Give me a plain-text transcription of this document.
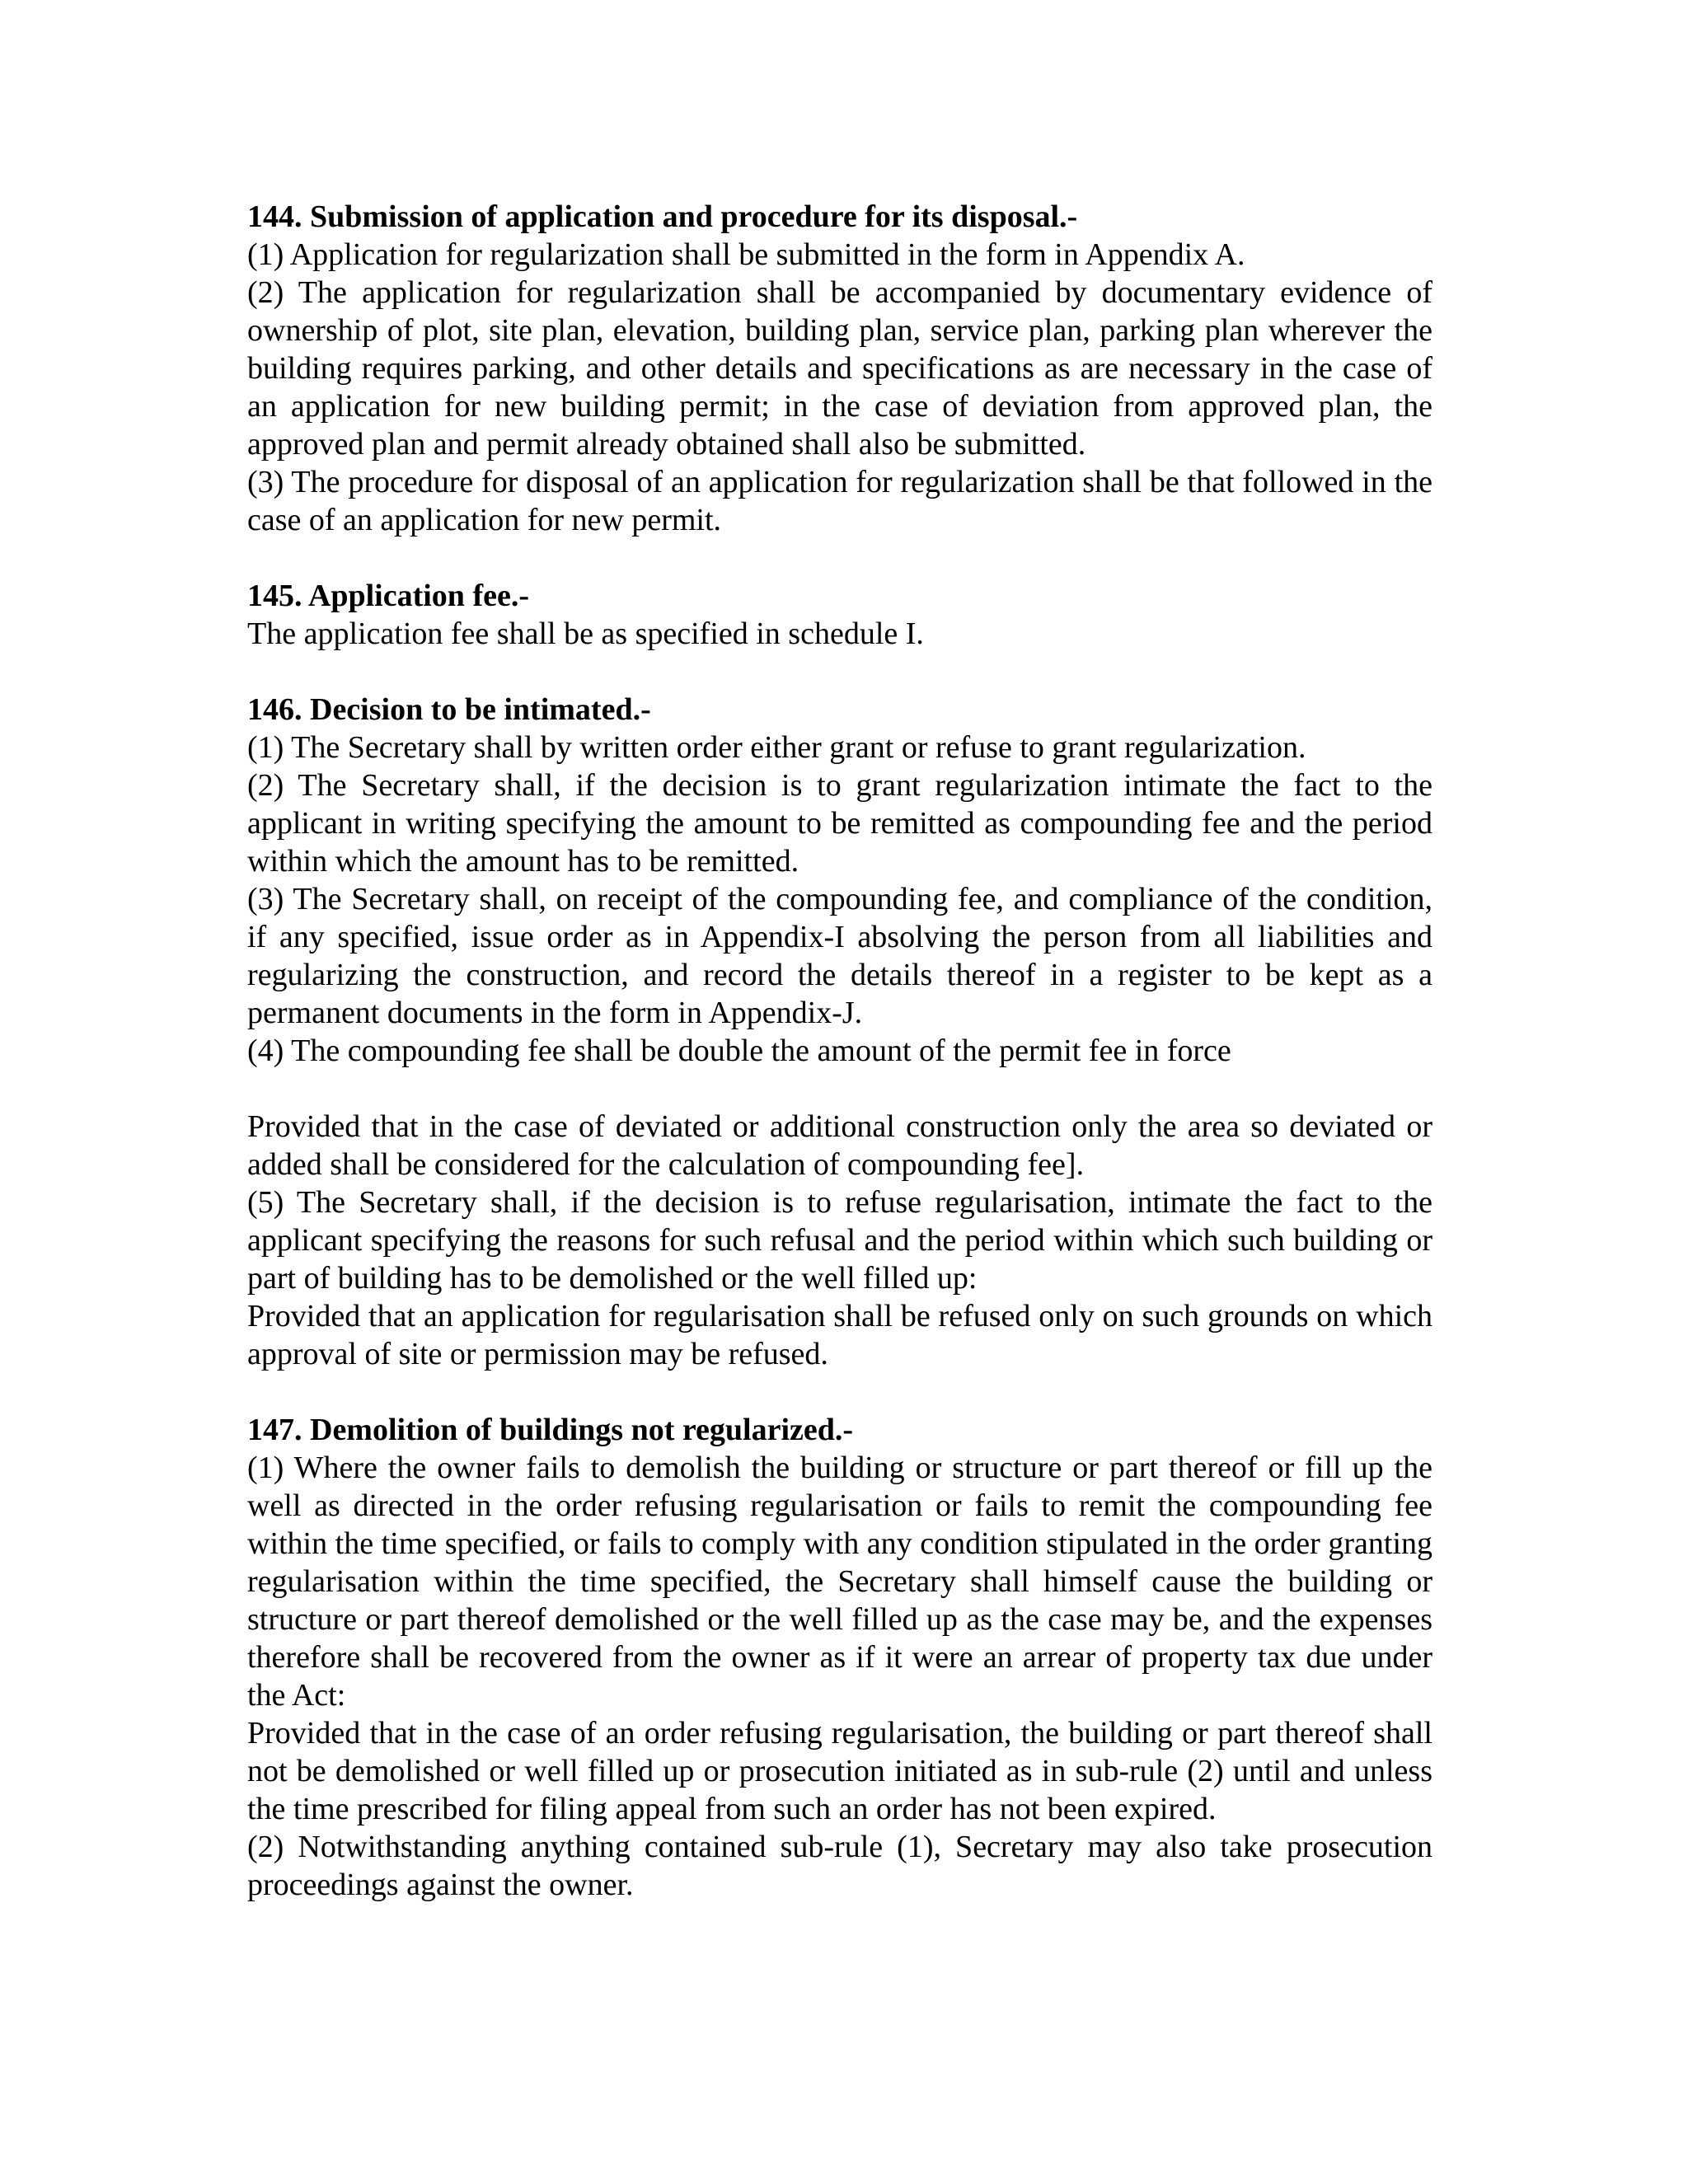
144. Submission of application and procedure for its disposal.-

(1) Application for regularization shall be submitted in the form in Appendix A.

(2) The application for regularization shall be accompanied by documentary evidence of ownership of plot, site plan, elevation, building plan, service plan, parking plan wherever the building requires parking, and other details and specifications as are necessary in the case of an application for new building permit; in the case of deviation from approved plan, the approved plan and permit already obtained shall also be submitted.

(3) The procedure for disposal of an application for regularization shall be that followed in the case of an application for new permit.

145. Application fee.-

The application fee shall be as specified in schedule I.

146. Decision to be intimated.-

(1) The Secretary shall by written order either grant or refuse to grant regularization.

(2) The Secretary shall, if the decision is to grant regularization intimate the fact to the applicant in writing specifying the amount to be remitted as compounding fee and the period within which the amount has to be remitted.

(3) The Secretary shall, on receipt of the compounding fee, and compliance of the condition, if any specified, issue order as in Appendix-I absolving the person from all liabilities and regularizing the construction, and record the details thereof in a register to be kept as a permanent documents in the form in Appendix-J.

(4) The compounding fee shall be double the amount of the permit fee in force

Provided that in the case of deviated or additional construction only the area so deviated or added shall be considered for the calculation of compounding fee].

(5) The Secretary shall, if the decision is to refuse regularisation, intimate the fact to the applicant specifying the reasons for such refusal and the period within which such building or part of building has to be demolished or the well filled up:

Provided that an application for regularisation shall be refused only on such grounds on which approval of site or permission may be refused.

147. Demolition of buildings not regularized.-

(1) Where the owner fails to demolish the building or structure or part thereof or fill up the well as directed in the order refusing regularisation or fails to remit the compounding fee within the time specified, or fails to comply with any condition stipulated in the order granting regularisation within the time specified, the Secretary shall himself cause the building or structure or part thereof demolished or the well filled up as the case may be, and the expenses therefore shall be recovered from the owner as if it were an arrear of property tax due under the Act:

Provided that in the case of an order refusing regularisation, the building or part thereof shall not be demolished or well filled up or prosecution initiated as in sub-rule (2) until and unless the time prescribed for filing appeal from such an order has not been expired.

(2) Notwithstanding anything contained sub-rule (1), Secretary may also take prosecution proceedings against the owner.
